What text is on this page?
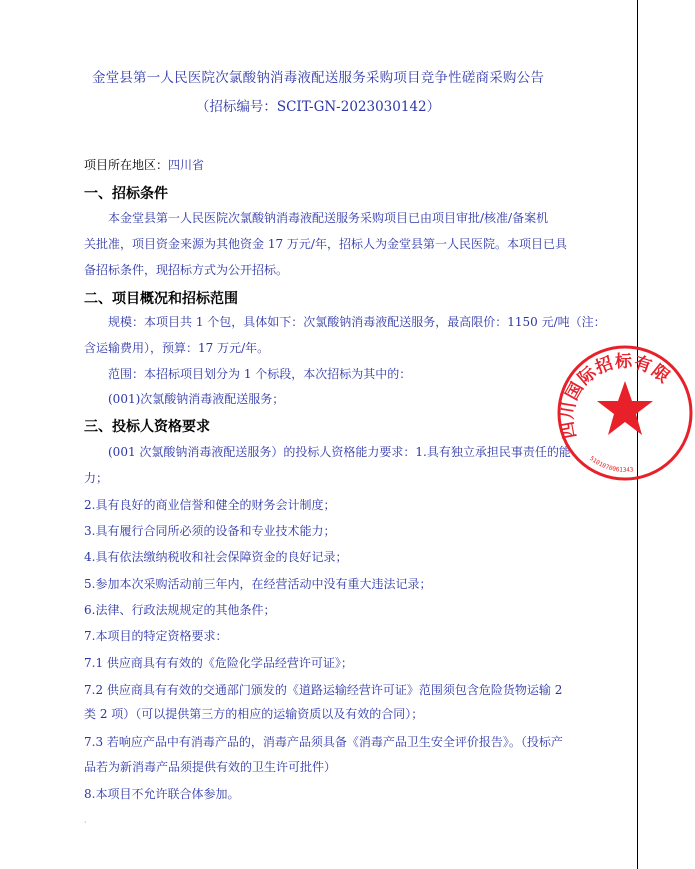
金堂县第一人民医院次氯酸钠消毒液配送服务采购项目竞争性磋商采购公告
（招标编号：SCIT-GN-2023030142）
项目所在地区：四川省
一、招标条件
本金堂县第一人民医院次氯酸钠消毒液配送服务采购项目已由项目审批/核准/备案机
关批准，项目资金来源为其他资金 17 万元/年，招标人为金堂县第一人民医院。本项目已具
备招标条件，现招标方式为公开招标。
二、项目概况和招标范围
规模：本项目共 1 个包，具体如下：次氯酸钠消毒液配送服务，最高限价：1150 元/吨（注：
含运输费用），预算：17 万元/年。
范围：本招标项目划分为 1 个标段，本次招标为其中的：
(001)次氯酸钠消毒液配送服务；
三、投标人资格要求
(001 次氯酸钠消毒液配送服务）的投标人资格能力要求：1.具有独立承担民事责任的能
力；
2.具有良好的商业信誉和健全的财务会计制度；
3.具有履行合同所必须的设备和专业技术能力；
4.具有依法缴纳税收和社会保障资金的良好记录；
5.参加本次采购活动前三年内，在经营活动中没有重大违法记录；
6.法律、行政法规规定的其他条件；
7.本项目的特定资格要求：
7.1 供应商具有有效的《危险化学品经营许可证》；
7.2 供应商具有有效的交通部门颁发的《道路运输经营许可证》范围须包含危险货物运输 2
类 2 项）（可以提供第三方的相应的运输资质以及有效的合同）；
7.3 若响应产品中有消毒产品的，消毒产品须具备《消毒产品卫生安全评价报告》。（投标产
品若为新消毒产品须提供有效的卫生许可批件）
8.本项目不允许联合体参加。
·
四川国际招标有限
5101070061343
